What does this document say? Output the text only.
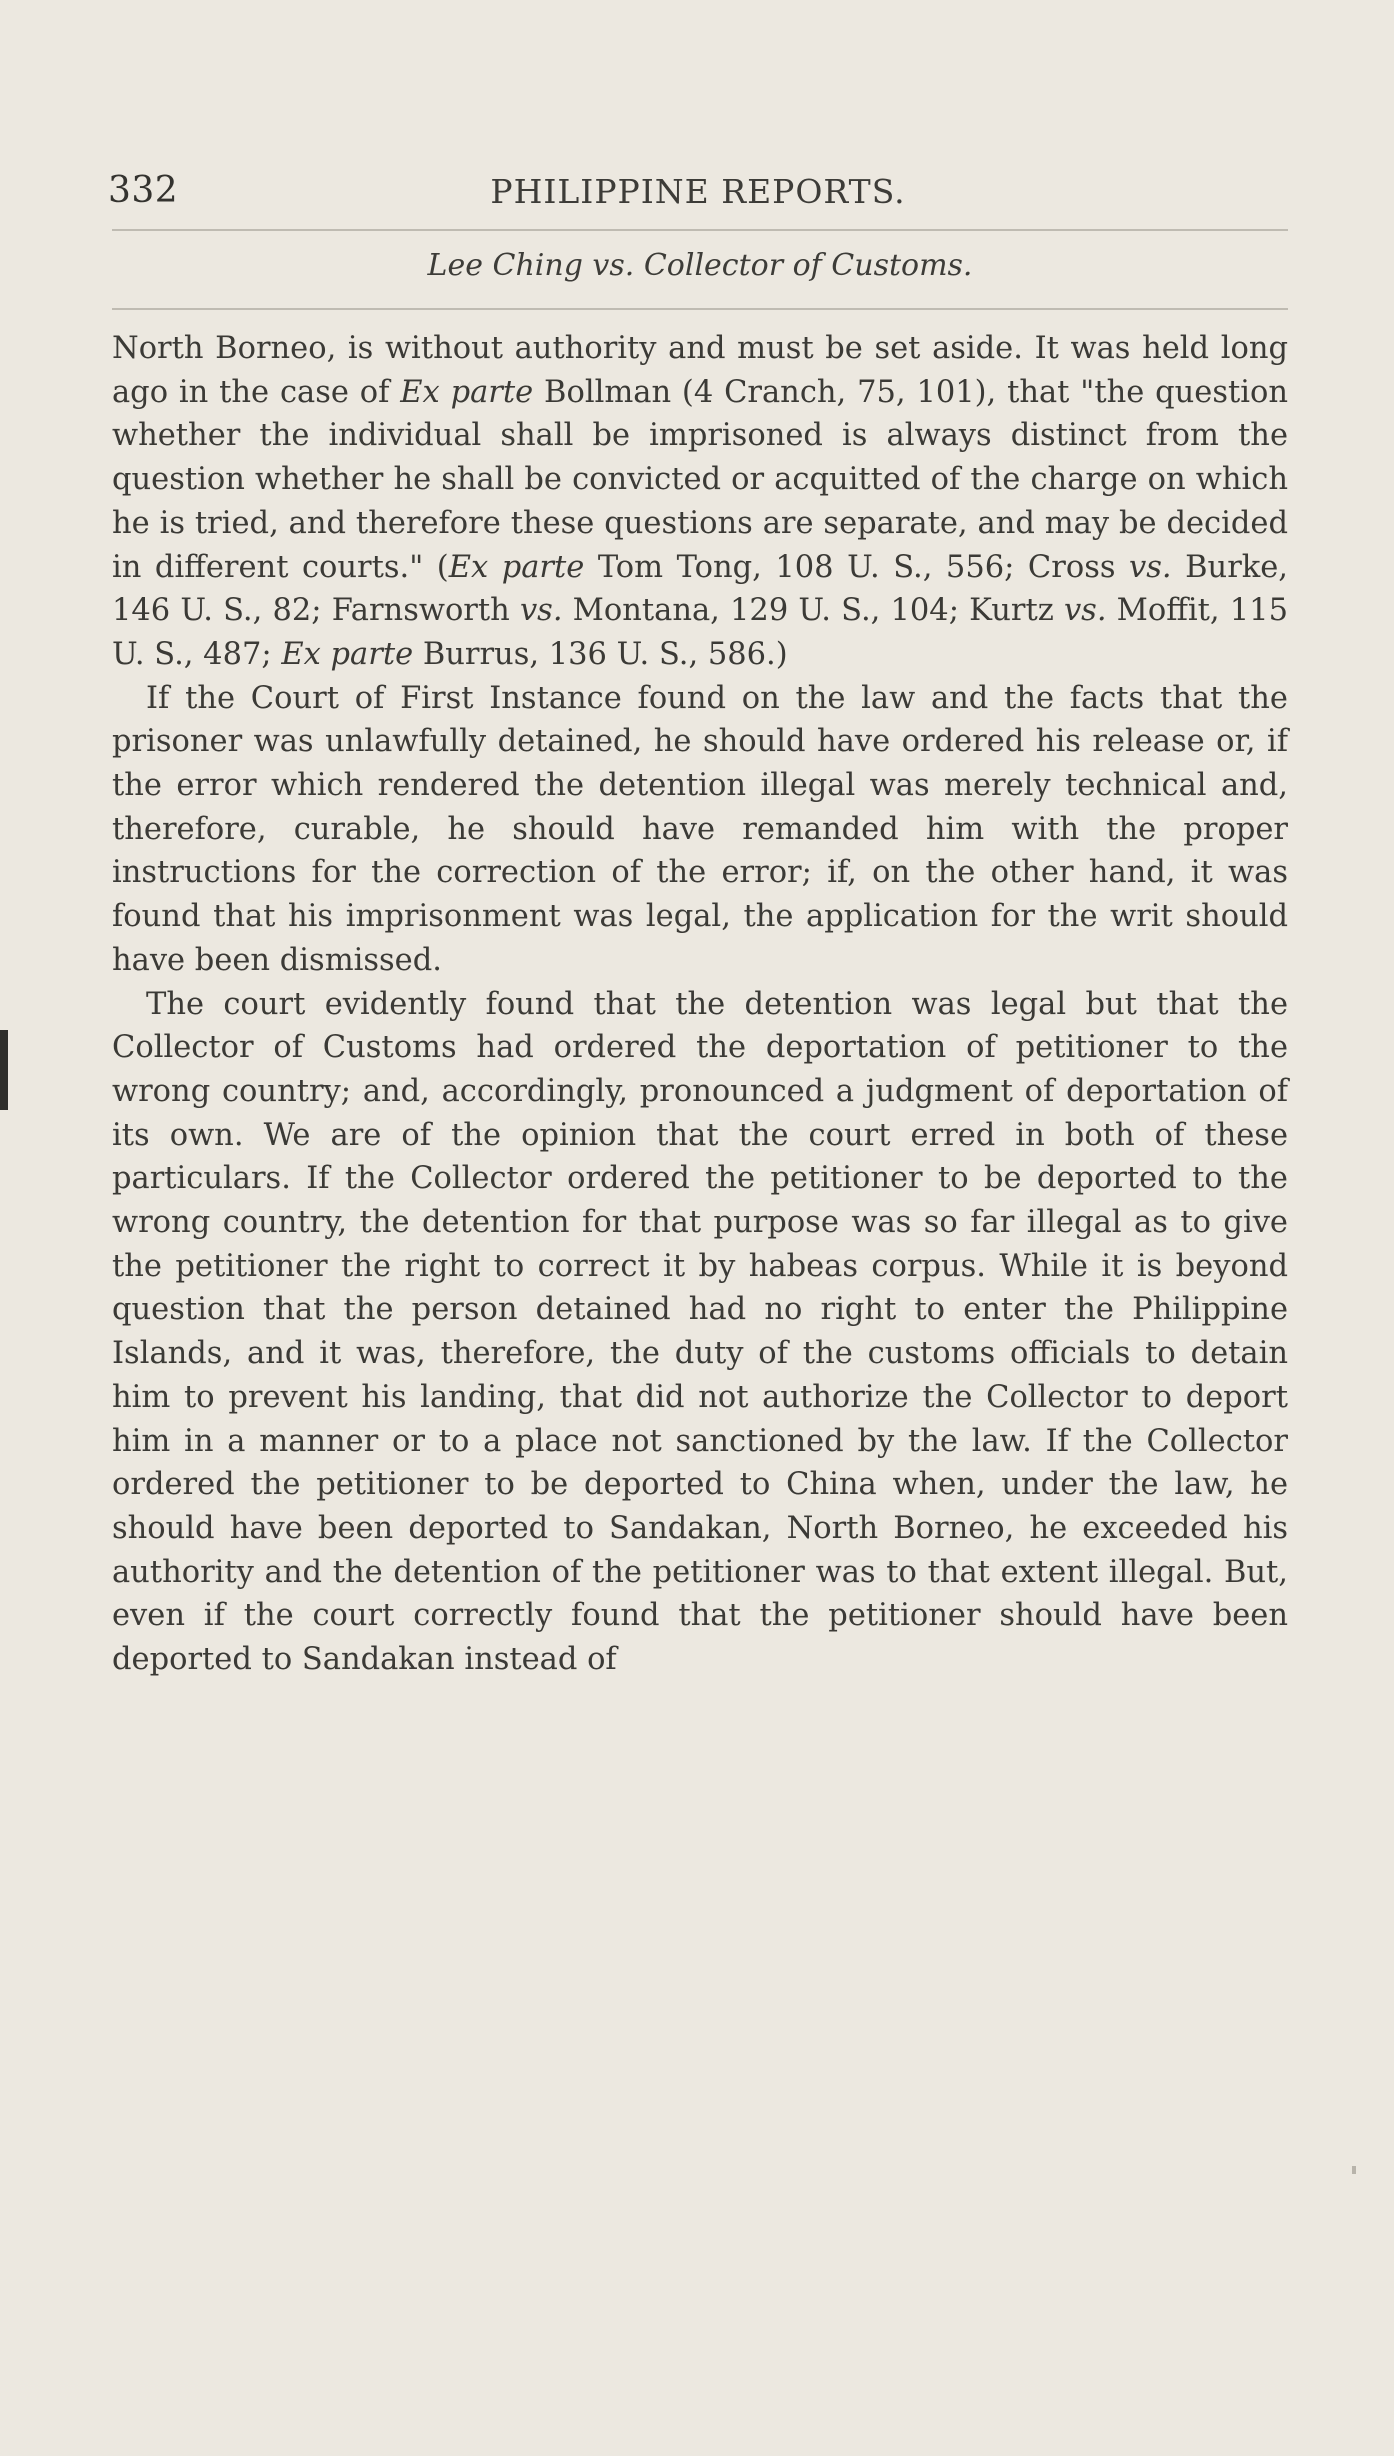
332	PHILIPPINE REPORTS.
Lee Ching vs. Collector of Customs.

North Borneo, is without authority and must be set aside. It was held long ago in the case of Ex parte Bollman (4 Cranch, 75, 101), that "the question whether the individual shall be imprisoned is always distinct from the question whether he shall be convicted or acquitted of the charge on which he is tried, and therefore these questions are separate, and may be decided in different courts." (Ex parte Tom Tong, 108 U. S., 556; Cross vs. Burke, 146 U. S., 82; Farnsworth vs. Montana, 129 U. S., 104; Kurtz vs. Moffit, 115 U. S., 487; Ex parte Burrus, 136 U. S., 586.)

If the Court of First Instance found on the law and the facts that the prisoner was unlawfully detained, he should have ordered his release or, if the error which rendered the detention illegal was merely technical and, therefore, curable, he should have remanded him with the proper instructions for the correction of the error; if, on the other hand, it was found that his imprisonment was legal, the application for the writ should have been dismissed.

The court evidently found that the detention was legal but that the Collector of Customs had ordered the deportation of petitioner to the wrong country; and, accordingly, pronounced a judgment of deportation of its own. We are of the opinion that the court erred in both of these particulars. If the Collector ordered the petitioner to be deported to the wrong country, the detention for that purpose was so far illegal as to give the petitioner the right to correct it by habeas corpus. While it is beyond question that the person detained had no right to enter the Philippine Islands, and it was, therefore, the duty of the customs officials to detain him to prevent his landing, that did not authorize the Collector to deport him in a manner or to a place not sanctioned by the law. If the Collector ordered the petitioner to be deported to China when, under the law, he should have been deported to Sandakan, North Borneo, he exceeded his authority and the detention of the petitioner was to that extent illegal. But, even if the court correctly found that the petitioner should have been deported to Sandakan instead of
